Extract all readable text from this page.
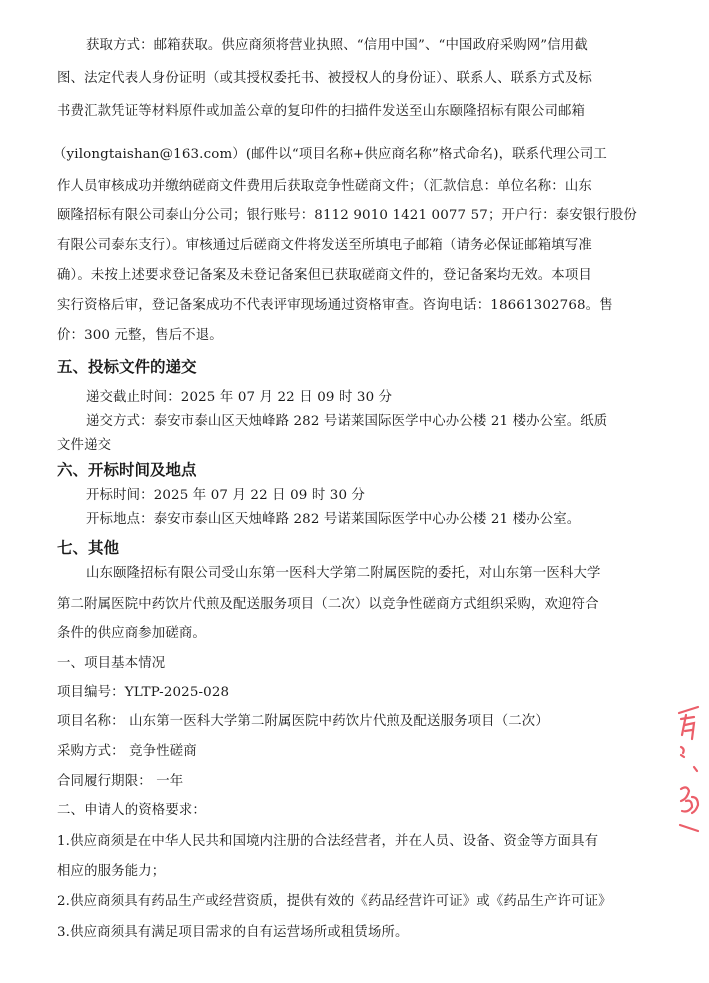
获取方式：邮箱获取。供应商须将营业执照、“信用中国”、“中国政府采购网”信用截
图、法定代表人身份证明（或其授权委托书、被授权人的身份证）、联系人、联系方式及标
书费汇款凭证等材料原件或加盖公章的复印件的扫描件发送至山东颐隆招标有限公司邮箱
（yilongtaishan@163.com）(邮件以“项目名称+供应商名称”格式命名)，联系代理公司工
作人员审核成功并缴纳磋商文件费用后获取竞争性磋商文件；（汇款信息：单位名称：山东
颐隆招标有限公司泰山分公司；银行账号：8112 9010 1421 0077 57；开户行：泰安银行股份
有限公司泰东支行）。审核通过后磋商文件将发送至所填电子邮箱（请务必保证邮箱填写准
确）。未按上述要求登记备案及未登记备案但已获取磋商文件的，登记备案均无效。本项目
实行资格后审，登记备案成功不代表评审现场通过资格审查。咨询电话：18661302768。售
价：300 元整，售后不退。
五、投标文件的递交
递交截止时间：2025 年 07 月 22 日 09 时 30 分
递交方式：泰安市泰山区天烛峰路 282 号诺莱国际医学中心办公楼 21 楼办公室。纸质
文件递交
六、开标时间及地点
开标时间：2025 年 07 月 22 日 09 时 30 分
开标地点：泰安市泰山区天烛峰路 282 号诺莱国际医学中心办公楼 21 楼办公室。
七、其他
山东颐隆招标有限公司受山东第一医科大学第二附属医院的委托，对山东第一医科大学
第二附属医院中药饮片代煎及配送服务项目（二次）以竞争性磋商方式组织采购，欢迎符合
条件的供应商参加磋商。
一、项目基本情况
项目编号：YLTP-2025-028
项目名称： 山东第一医科大学第二附属医院中药饮片代煎及配送服务项目（二次）
采购方式： 竞争性磋商
合同履行期限： 一年
二、申请人的资格要求：
1.供应商须是在中华人民共和国境内注册的合法经营者，并在人员、设备、资金等方面具有
相应的服务能力；
2.供应商须具有药品生产或经营资质，提供有效的《药品经营许可证》或《药品生产许可证》
3.供应商须具有满足项目需求的自有运营场所或租赁场所。
